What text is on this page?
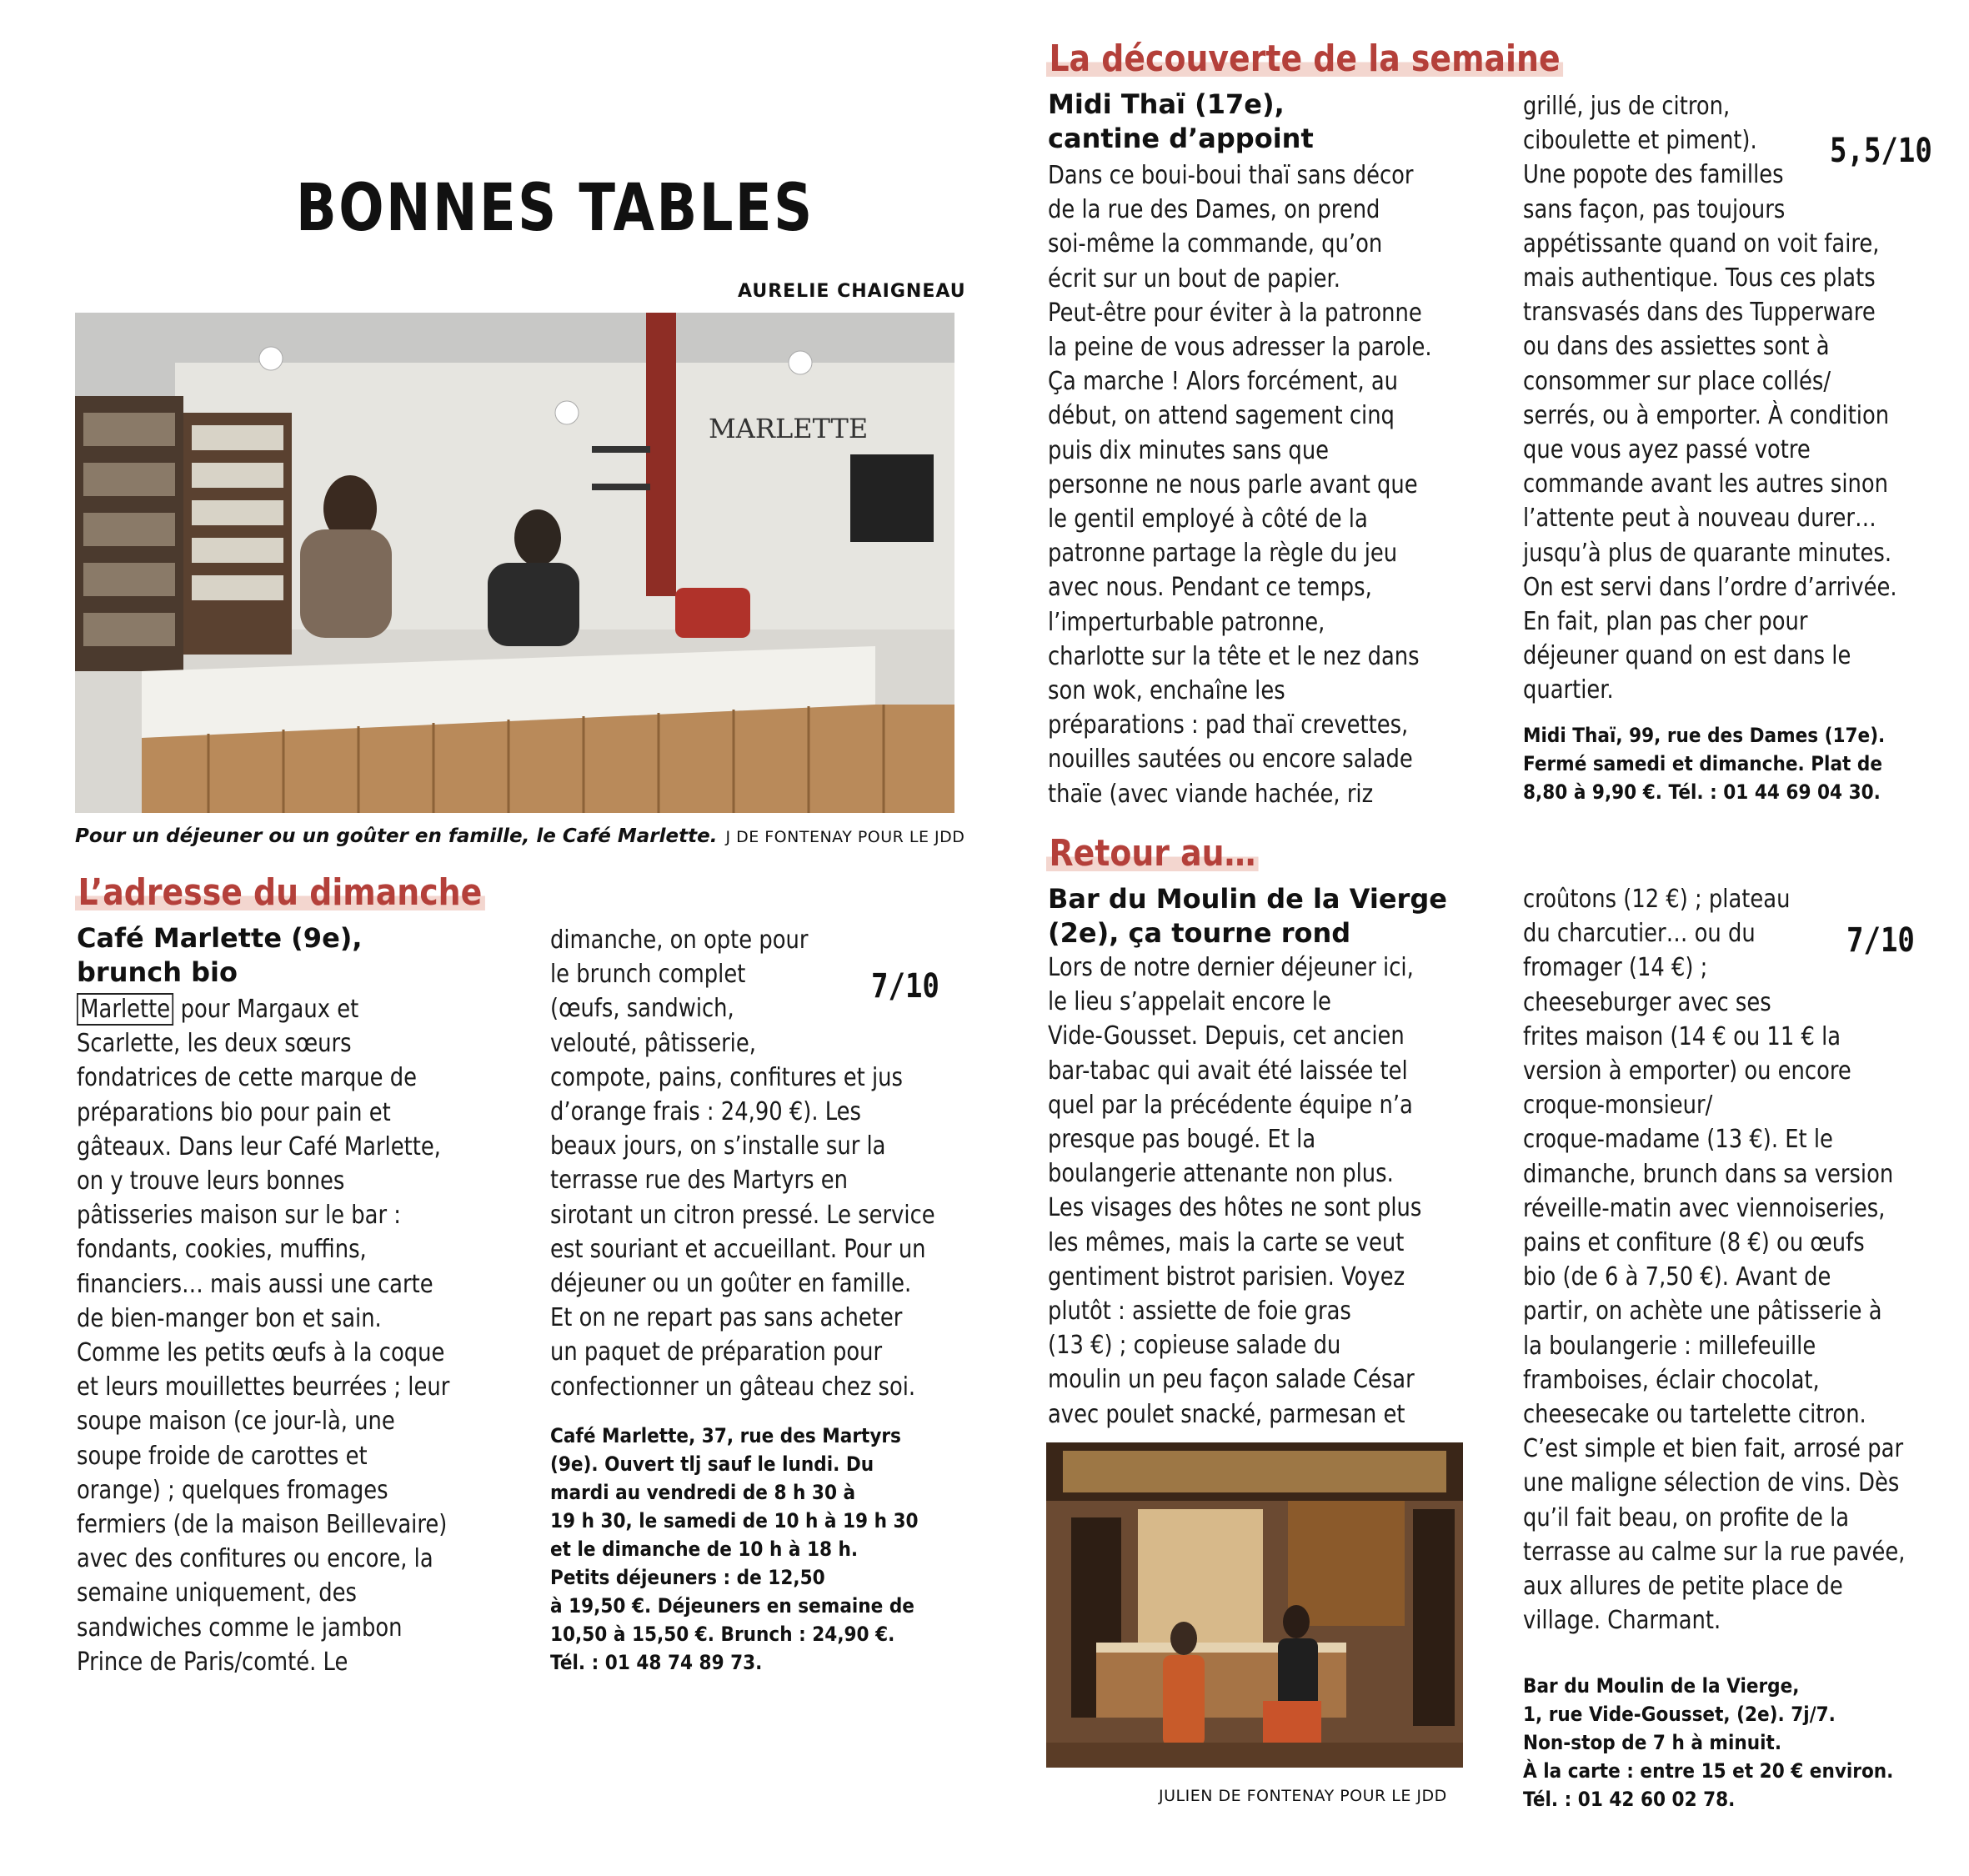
BONNES TABLES
AURELIE CHAIGNEAU
MARLETTE
Pour un déjeuner ou un goûter en famille, le Café Marlette. J DE FONTENAY POUR LE JDD
L’adresse du dimanche
Café Marlette (9e),
brunch bio
Marlette pour Margaux et
Scarlette, les deux sœurs
fondatrices de cette marque de
préparations bio pour pain et
gâteaux. Dans leur Café Marlette,
on y trouve leurs bonnes
pâtisseries maison sur le bar :
fondants, cookies, muffins,
financiers… mais aussi une carte
de bien-manger bon et sain.
Comme les petits œufs à la coque
et leurs mouillettes beurrées ; leur
soupe maison (ce jour-là, une
soupe froide de carottes et
orange) ; quelques fromages
fermiers (de la maison Beillevaire)
avec des confitures ou encore, la
semaine uniquement, des
sandwiches comme le jambon
Prince de Paris/comté. Le
dimanche, on opte pour
le brunch complet
(œufs, sandwich,
velouté, pâtisserie,
compote, pains, confitures et jus
d’orange frais : 24,90 €). Les
beaux jours, on s’installe sur la
terrasse rue des Martyrs en
sirotant un citron pressé. Le service
est souriant et accueillant. Pour un
déjeuner ou un goûter en famille.
Et on ne repart pas sans acheter
un paquet de préparation pour
confectionner un gâteau chez soi.
7/10
Café Marlette, 37, rue des Martyrs
(9e). Ouvert tlj sauf le lundi. Du
mardi au vendredi de 8 h 30 à
19 h 30, le samedi de 10 h à 19 h 30
et le dimanche de 10 h à 18 h.
Petits déjeuners : de 12,50
à 19,50 €. Déjeuners en semaine de
10,50 à 15,50 €. Brunch : 24,90 €.
Tél. : 01 48 74 89 73.
La découverte de la semaine
Midi Thaï (17e),
cantine d’appoint
Dans ce boui-boui thaï sans décor
de la rue des Dames, on prend
soi-même la commande, qu’on
écrit sur un bout de papier.
Peut-être pour éviter à la patronne
la peine de vous adresser la parole.
Ça marche ! Alors forcément, au
début, on attend sagement cinq
puis dix minutes sans que
personne ne nous parle avant que
le gentil employé à côté de la
patronne partage la règle du jeu
avec nous. Pendant ce temps,
l’imperturbable patronne,
charlotte sur la tête et le nez dans
son wok, enchaîne les
préparations : pad thaï crevettes,
nouilles sautées ou encore salade
thaïe (avec viande hachée, riz
grillé, jus de citron,
ciboulette et piment).
Une popote des familles
sans façon, pas toujours
appétissante quand on voit faire,
mais authentique. Tous ces plats
transvasés dans des Tupperware
ou dans des assiettes sont à
consommer sur place collés/
serrés, ou à emporter. À condition
que vous ayez passé votre
commande avant les autres sinon
l’attente peut à nouveau durer…
jusqu’à plus de quarante minutes.
On est servi dans l’ordre d’arrivée.
En fait, plan pas cher pour
déjeuner quand on est dans le
quartier.
5,5/10
Midi Thaï, 99, rue des Dames (17e).
Fermé samedi et dimanche. Plat de
8,80 à 9,90 €. Tél. : 01 44 69 04 30.
Retour au…
Bar du Moulin de la Vierge
(2e), ça tourne rond
Lors de notre dernier déjeuner ici,
le lieu s’appelait encore le
Vide-Gousset. Depuis, cet ancien
bar-tabac qui avait été laissée tel
quel par la précédente équipe n’a
presque pas bougé. Et la
boulangerie attenante non plus.
Les visages des hôtes ne sont plus
les mêmes, mais la carte se veut
gentiment bistrot parisien. Voyez
plutôt : assiette de foie gras
(13 €) ; copieuse salade du
moulin un peu façon salade César
avec poulet snacké, parmesan et
JULIEN DE FONTENAY POUR LE JDD
croûtons (12 €) ; plateau
du charcutier… ou du
fromager (14 €) ;
cheeseburger avec ses
frites maison (14 € ou 11 € la
version à emporter) ou encore
croque-monsieur/
croque-madame (13 €). Et le
dimanche, brunch dans sa version
réveille-matin avec viennoiseries,
pains et confiture (8 €) ou œufs
bio (de 6 à 7,50 €). Avant de
partir, on achète une pâtisserie à
la boulangerie : millefeuille
framboises, éclair chocolat,
cheesecake ou tartelette citron.
C’est simple et bien fait, arrosé par
une maligne sélection de vins. Dès
qu’il fait beau, on profite de la
terrasse au calme sur la rue pavée,
aux allures de petite place de
village. Charmant.
7/10
Bar du Moulin de la Vierge,
1, rue Vide-Gousset, (2e). 7j/7.
Non-stop de 7 h à minuit.
À la carte : entre 15 et 20 € environ.
Tél. : 01 42 60 02 78.
